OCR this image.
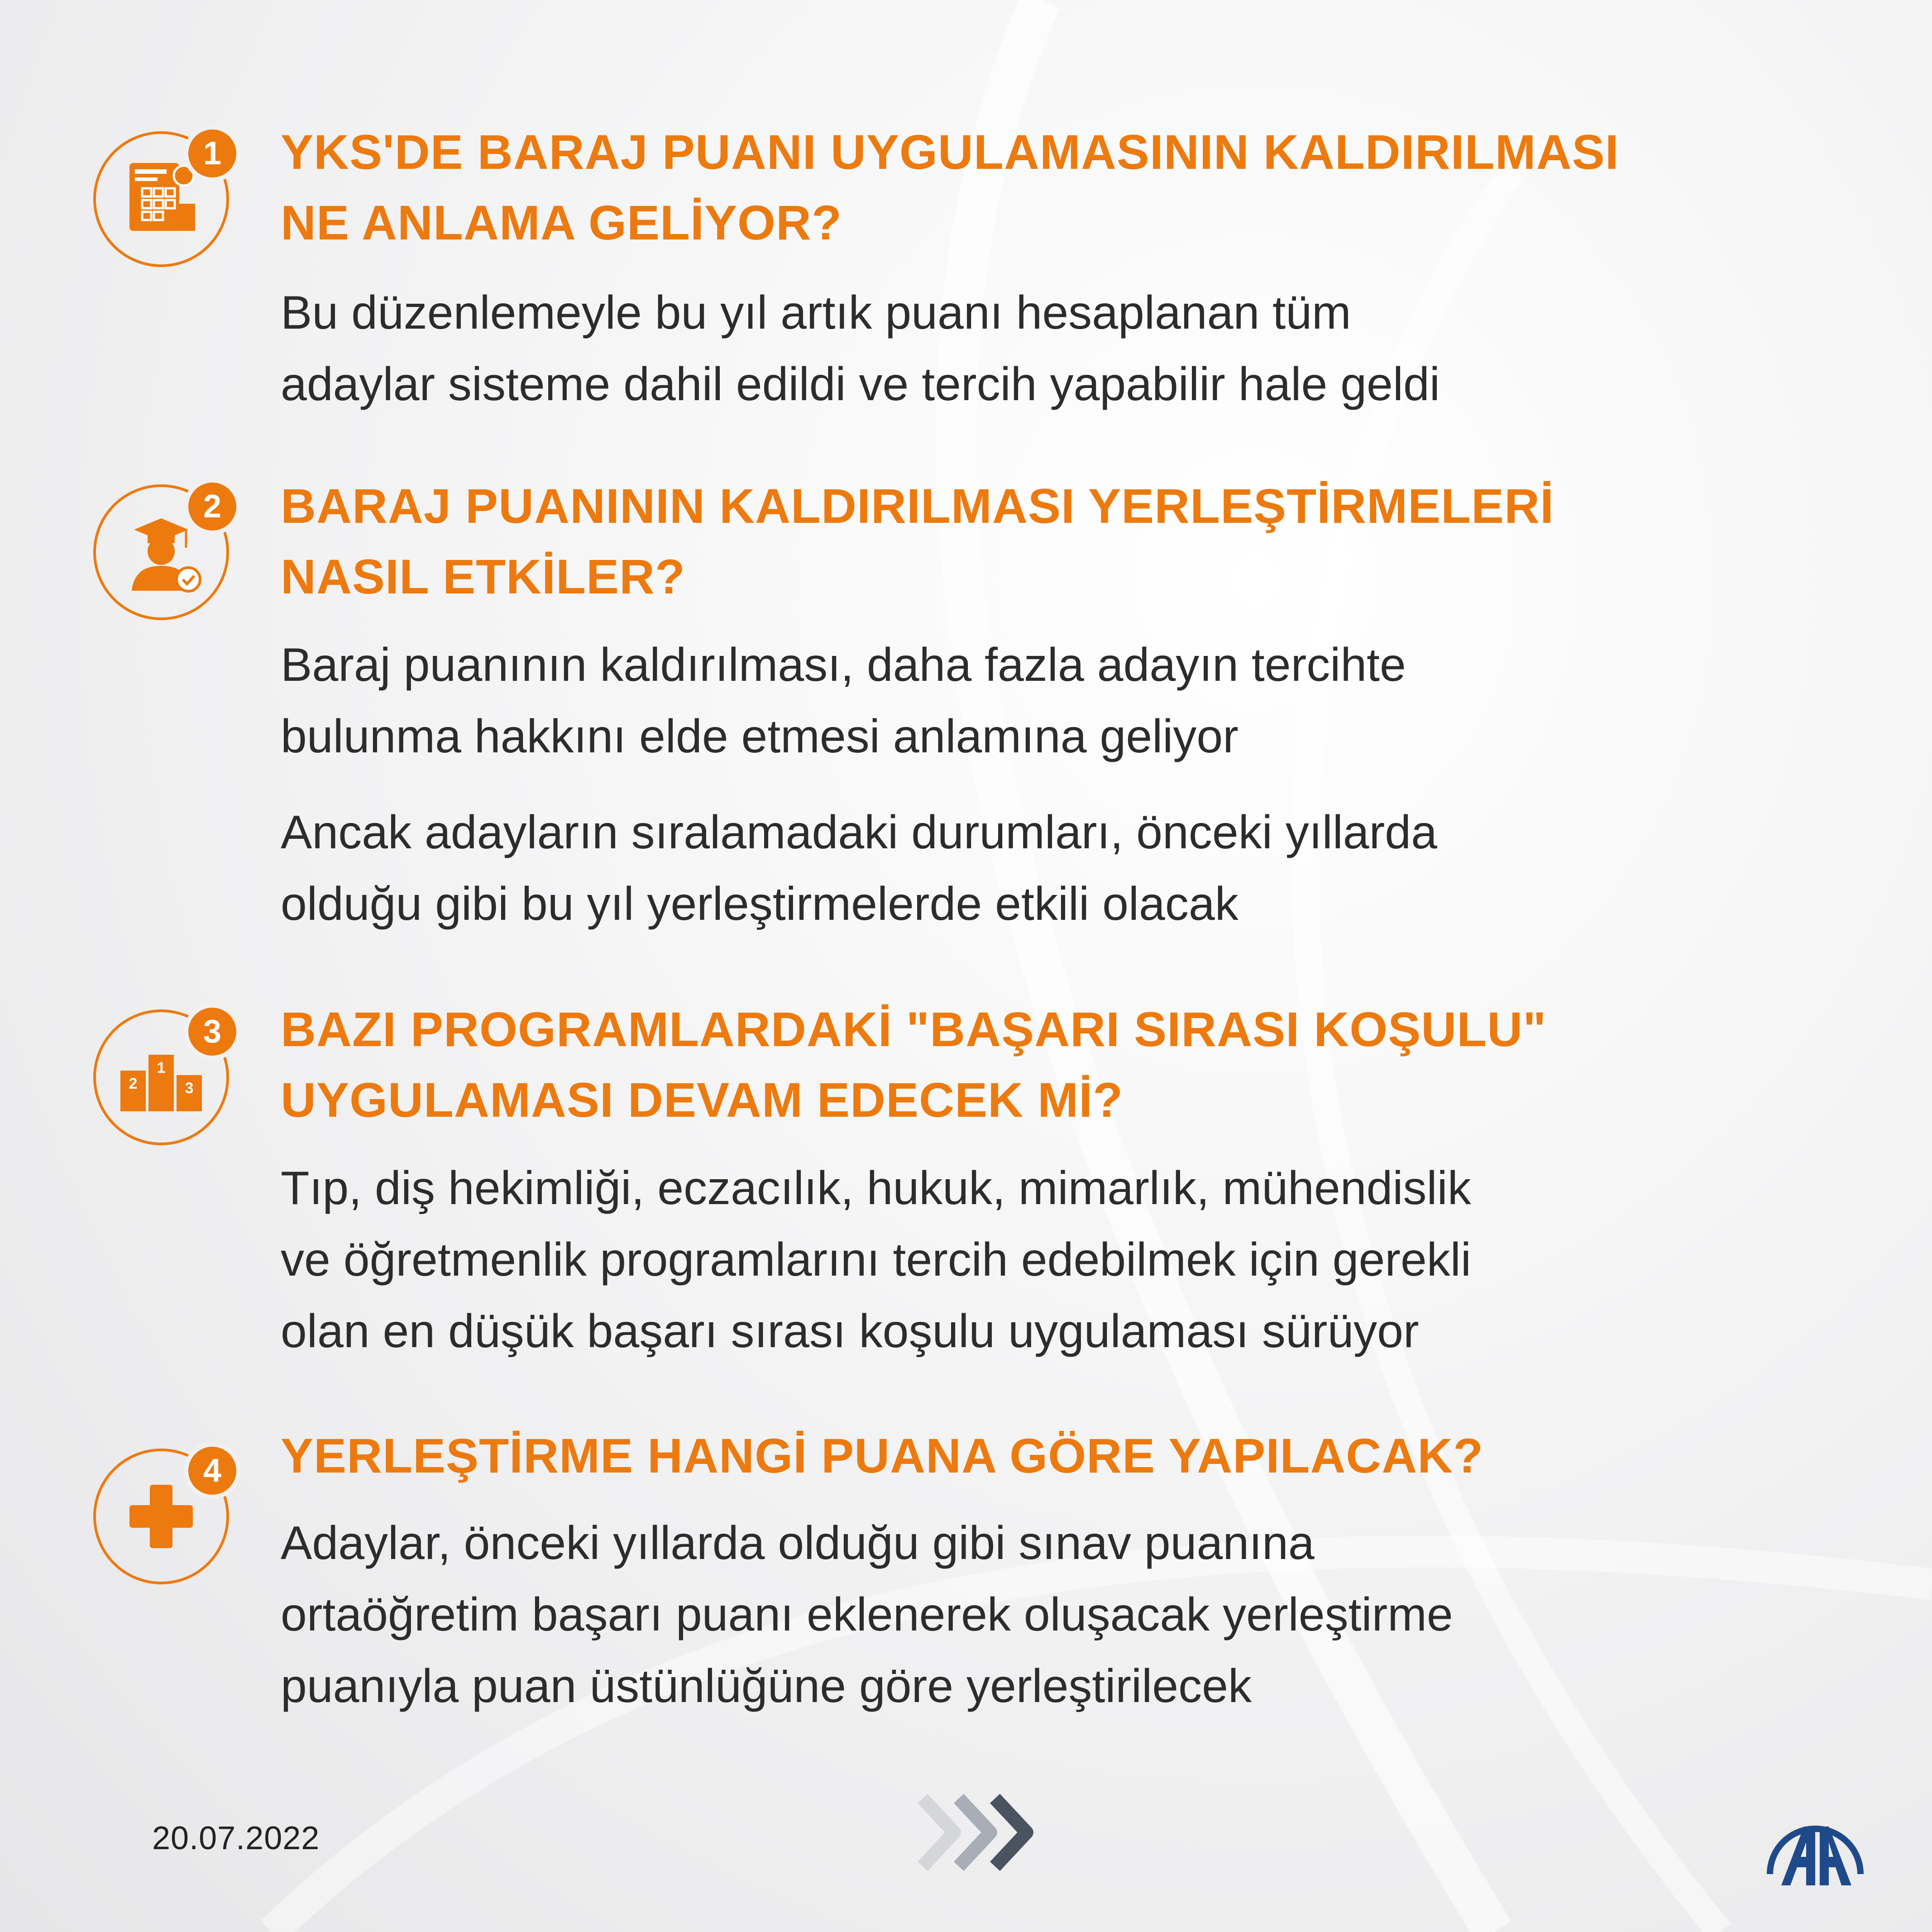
1	YKS'DE BARAJ PUANI UYGULAMASININ KALDIRILMASI
NE ANLAMA GELİYOR?
Bu düzenlemeyle bu yıl artık puanı hesaplanan tüm
adaylar sisteme dahil edildi ve tercih yapabilir hale geldi
2	BARAJ PUANININ KALDIRILMASI YERLEŞTİRMELERİ
NASIL ETKİLER?
Baraj puanının kaldırılması, daha fazla adayın tercihte
bulunma hakkını elde etmesi anlamına geliyor
Ancak adayların sıralamadaki durumları, önceki yıllarda
olduğu gibi bu yıl yerleştirmelerde etkili olacak
2
1
3
3	BAZI PROGRAMLARDAKİ "BAŞARI SIRASI KOŞULU"
UYGULAMASI DEVAM EDECEK Mİ?
Tıp, diş hekimliği, eczacılık, hukuk, mimarlık, mühendislik
ve öğretmenlik programlarını tercih edebilmek için gerekli
olan en düşük başarı sırası koşulu uygulaması sürüyor
4	YERLEŞTİRME HANGİ PUANA GÖRE YAPILACAK?
Adaylar, önceki yıllarda olduğu gibi sınav puanına
ortaöğretim başarı puanı eklenerek oluşacak yerleştirme
puanıyla puan üstünlüğüne göre yerleştirilecek
20.07.2022
